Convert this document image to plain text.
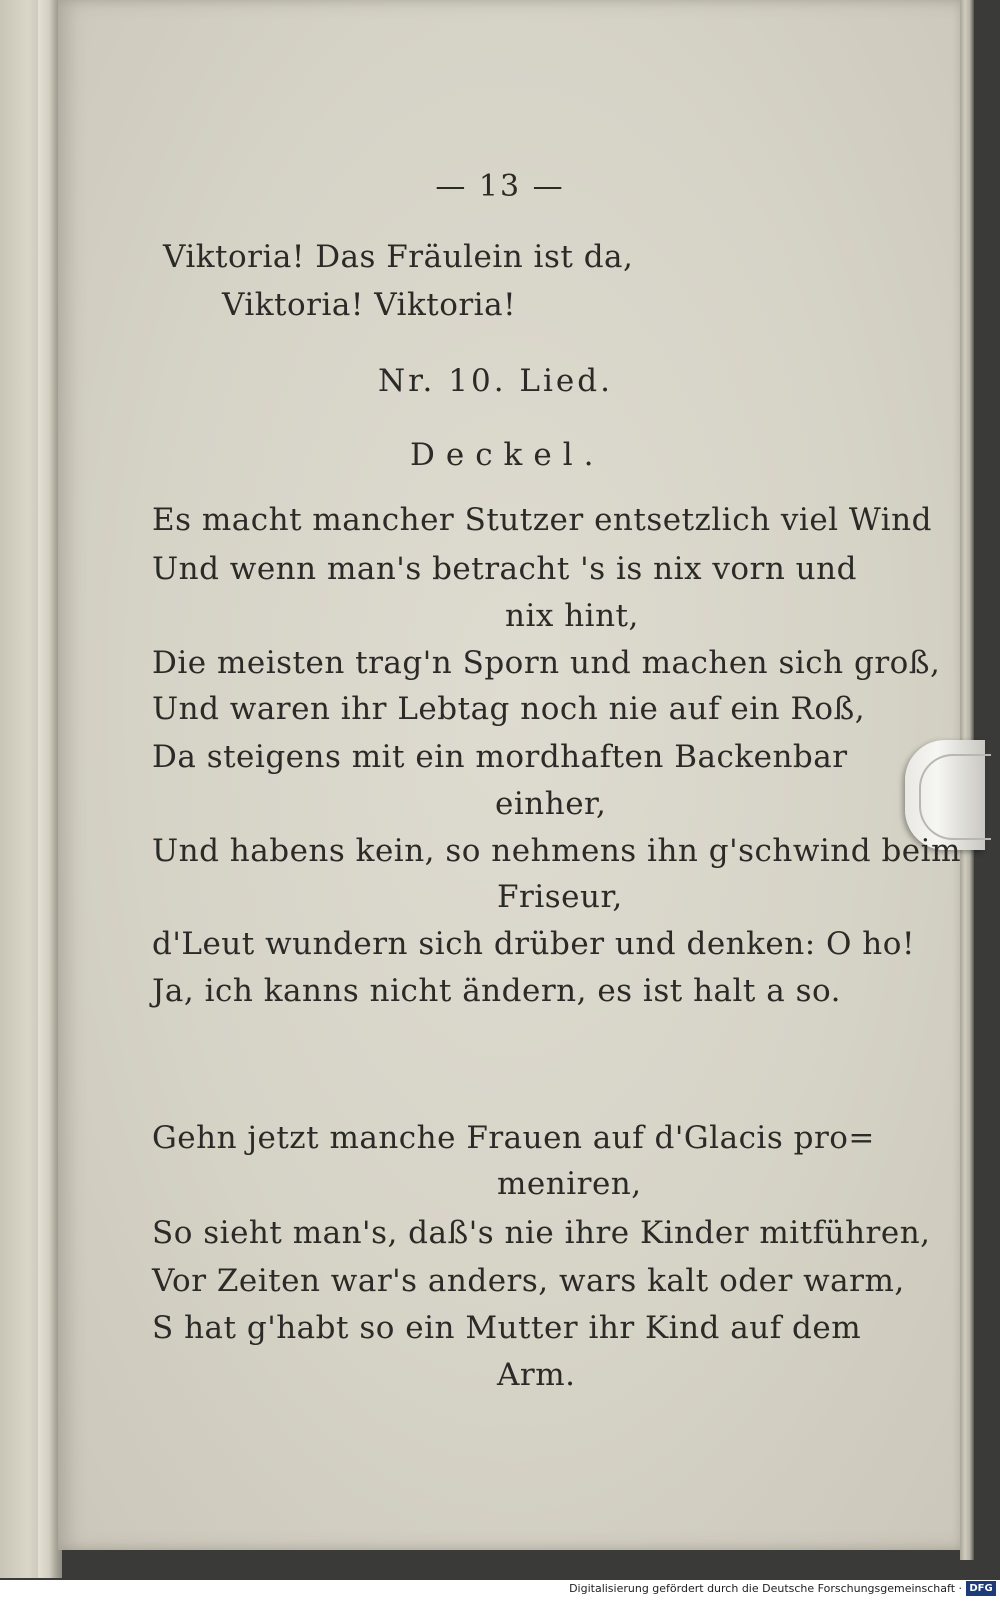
— 13 —
Viktoria! Das Fräulein ist da,
Viktoria! Viktoria!
Nr. 10. Lied.
Deckel.
Es macht mancher Stutzer entsetzlich viel Wind
Und wenn man's betracht 's is nix vorn und
nix hint,
Die meisten trag'n Sporn und machen sich groß,
Und waren ihr Lebtag noch nie auf ein Roß,
Da steigens mit ein mordhaften Backenbar
einher,
Und habens kein, so nehmens ihn g'schwind beim
Friseur,
d'Leut wundern sich drüber und denken: O ho!
Ja, ich kanns nicht ändern, es ist halt a so.
Gehn jetzt manche Frauen auf d'Glacis pro=
meniren,
So sieht man's, daß's nie ihre Kinder mitführen,
Vor Zeiten war's anders, wars kalt oder warm,
S hat g'habt so ein Mutter ihr Kind auf dem
Arm.
Digitalisierung gefördert durch die Deutsche Forschungsgemeinschaft · DFG
